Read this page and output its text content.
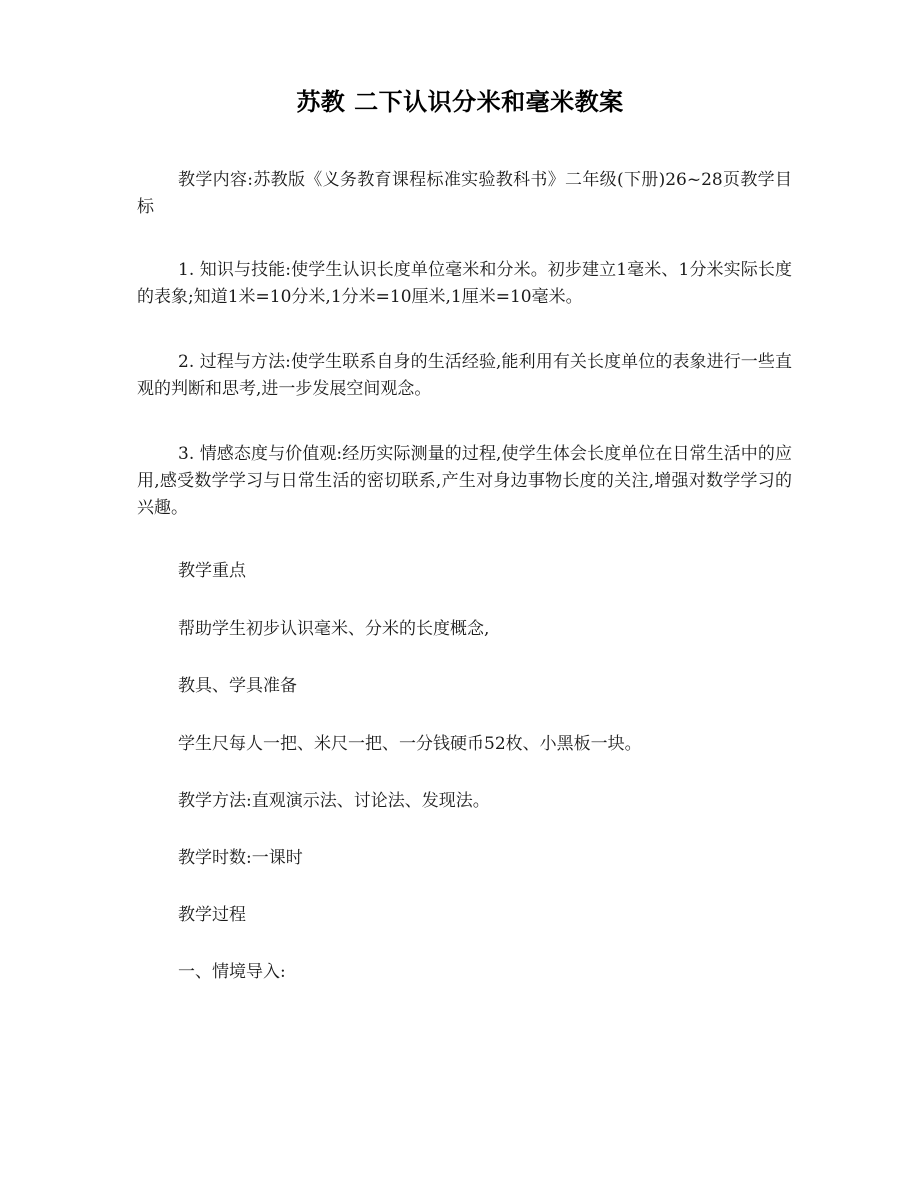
苏教 二下认识分米和毫米教案
教学内容:苏教版《义务教育课程标准实验教科书》二年级(下册)26~28页教学目标
1. 知识与技能:使学生认识长度单位毫米和分米。初步建立1毫米、1分米实际长度的表象;知道1米=10分米,1分米=10厘米,1厘米=10毫米。
2. 过程与方法:使学生联系自身的生活经验,能利用有关长度单位的表象进行一些直观的判断和思考,进一步发展空间观念。
3. 情感态度与价值观:经历实际测量的过程,使学生体会长度单位在日常生活中的应用,感受数学学习与日常生活的密切联系,产生对身边事物长度的关注,增强对数学学习的兴趣。
教学重点
帮助学生初步认识毫米、分米的长度概念,
教具、学具准备
学生尺每人一把、米尺一把、一分钱硬币52枚、小黑板一块。
教学方法:直观演示法、讨论法、发现法。
教学时数:一课时
教学过程
一、情境导入:
